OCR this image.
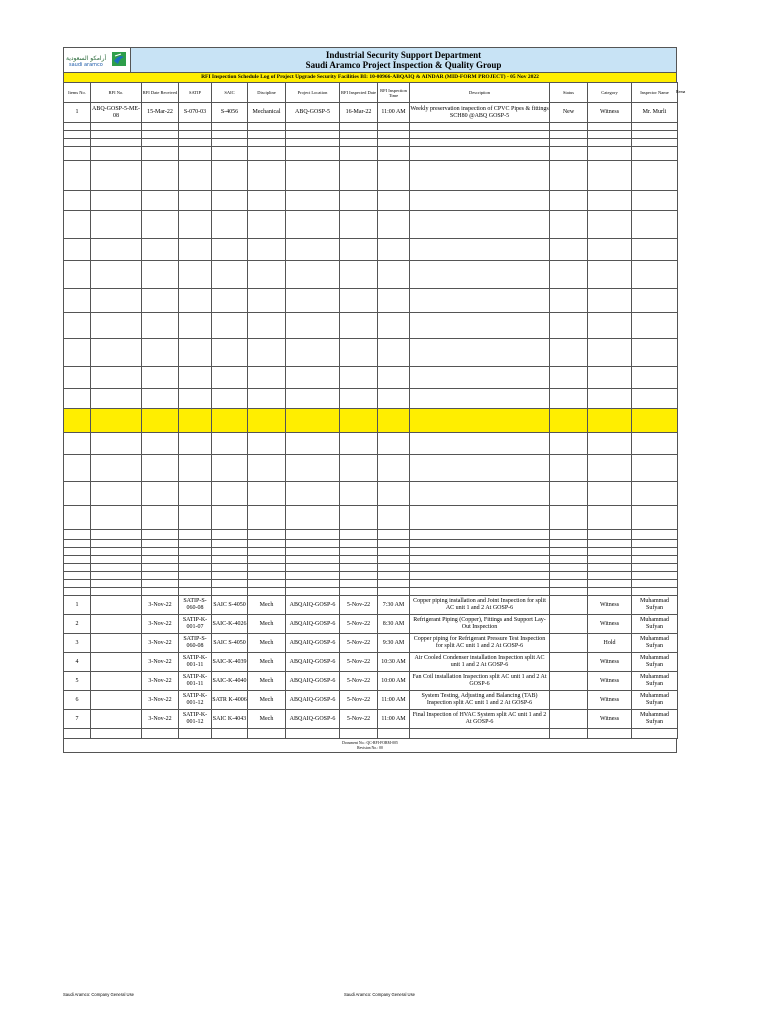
أرامكو السعودية
saudi aramco
Industrial Security Support Department
Saudi Aramco Project Inspection & Quality Group
RFI Inspection Schedule Log of Project Upgrade Security Facilities BI: 10-00966-ABQAIQ & AINDAR (MID-FORM PROJECT) - 05 Nov 2022
Items No.	RFI No.	RFI Date Received	SATIP	SAIC	Discipline	Project Location	RFI Inspected Date	RFI Inspection Time	Description	Status	Category	Inspector Name
1	ABQ-GOSP-5-ME-08	15-Mar-22	S-070-03	S-4056	Mechanical	ABQ-GOSP-5	16-Mar-22	11:00 AM	Weekly preservation inspection of CPVC Pipes & fittings SCH80 @ABQ GOSP-5	New	Witness	Mr. Murli

1		3-Nov-22	SATIP-S-060-08	SAIC S-4050	Mech	ABQAIQ-GOSP-6	5-Nov-22	7:30 AM	Copper piping installation and Joint Inspection for split AC unit 1 and 2 At GOSP-6		Witness	Muhammad Sufyan
2		3-Nov-22	SATIP-K-001-07	SAIC-K-4026	Mech	ABQAIQ-GOSP-6	5-Nov-22	8:30 AM	Refrigerant Piping (Copper), Fittings and Support Lay-Out Inspection		Witness	Muhammad Sufyan
3		3-Nov-22	SATIP-S-060-08	SAIC S-4050	Mech	ABQAIQ-GOSP-6	5-Nov-22	9:30 AM	Copper piping for Refrigerant Pressure Test Inspection for split AC unit 1 and 2 At GOSP-6		Hold	Muhammad Sufyan
4		3-Nov-22	SATIP-K-001-11	SAIC-K-4039	Mech	ABQAIQ-GOSP-6	5-Nov-22	10:30 AM	Air Cooled Condenser installation Inspection split AC unit 1 and 2 At GOSP-6		Witness	Muhammad Sufyan
5		3-Nov-22	SATIP-K-001-11	SAIC-K-4040	Mech	ABQAIQ-GOSP-6	5-Nov-22	10:00 AM	Fan Coil installation Inspection split AC unit 1 and 2 At GOSP-6		Witness	Muhammad Sufyan
6		3-Nov-22	SATIP-K-001-12	SATR K-4006	Mech	ABQAIQ-GOSP-6	5-Nov-22	11:00 AM	System Testing, Adjusting and Balancing (TAB) Inspection split AC unit 1 and 2 At GOSP-6		Witness	Muhammad Sufyan
7		3-Nov-22	SATIP-K-001-12	SAIC K-4043	Mech	ABQAIQ-GOSP-6	5-Nov-22	11:00 AM	Final Inspection of HVAC System split AC unit 1 and 2 At GOSP-6		Witness	Muhammad Sufyan

Document No.: QC-RFI-FORM-005
Revision No.: 00
Rema
Saudi Aramco: Company General Use	Saudi Aramco: Company General Use
